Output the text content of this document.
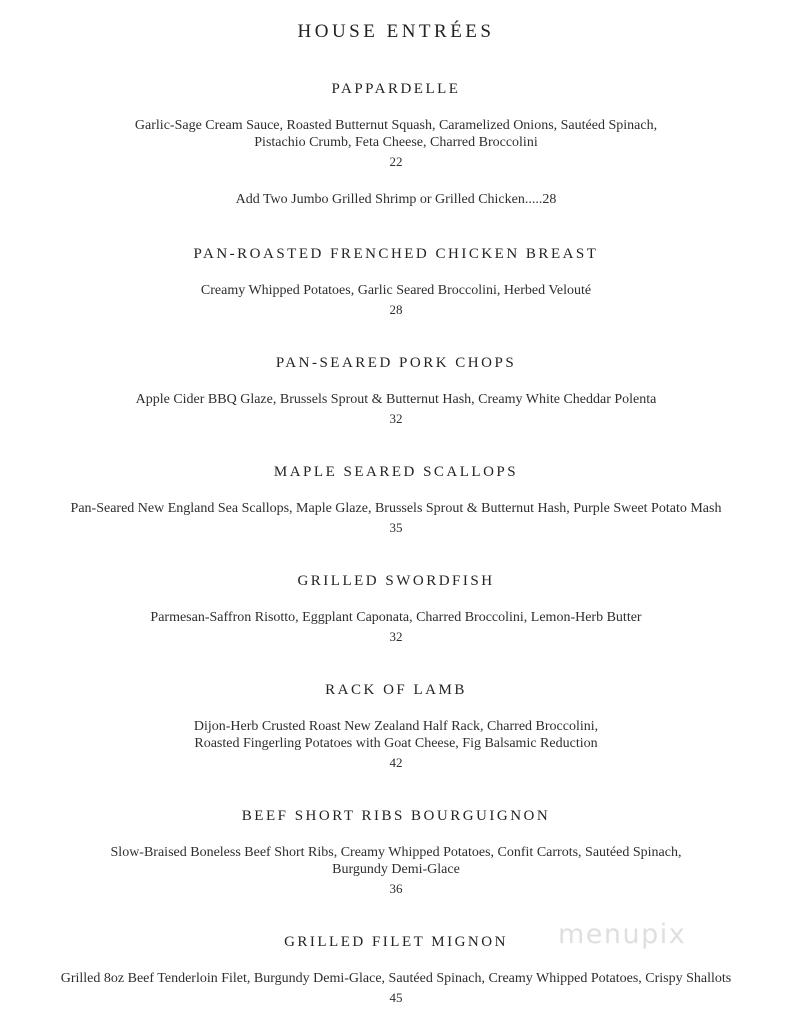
HOUSE ENTRÉES
PAPPARDELLE
Garlic-Sage Cream Sauce, Roasted Butternut Squash, Caramelized Onions, Sautéed Spinach,
Pistachio Crumb, Feta Cheese, Charred Broccolini
22
Add Two Jumbo Grilled Shrimp or Grilled Chicken.....28
PAN-ROASTED FRENCHED CHICKEN BREAST
Creamy Whipped Potatoes, Garlic Seared Broccolini, Herbed Velouté
28
PAN-SEARED PORK CHOPS
Apple Cider BBQ Glaze, Brussels Sprout & Butternut Hash, Creamy White Cheddar Polenta
32
MAPLE SEARED SCALLOPS
Pan-Seared New England Sea Scallops, Maple Glaze, Brussels Sprout & Butternut Hash, Purple Sweet Potato Mash
35
GRILLED SWORDFISH
Parmesan-Saffron Risotto, Eggplant Caponata, Charred Broccolini, Lemon-Herb Butter
32
RACK OF LAMB
Dijon-Herb Crusted Roast New Zealand Half Rack, Charred Broccolini,
Roasted Fingerling Potatoes with Goat Cheese, Fig Balsamic Reduction
42
BEEF SHORT RIBS BOURGUIGNON
Slow-Braised Boneless Beef Short Ribs, Creamy Whipped Potatoes, Confit Carrots, Sautéed Spinach,
Burgundy Demi-Glace
36
GRILLED FILET MIGNON
Grilled 8oz Beef Tenderloin Filet, Burgundy Demi-Glace, Sautéed Spinach, Creamy Whipped Potatoes, Crispy Shallots
45
menupix
